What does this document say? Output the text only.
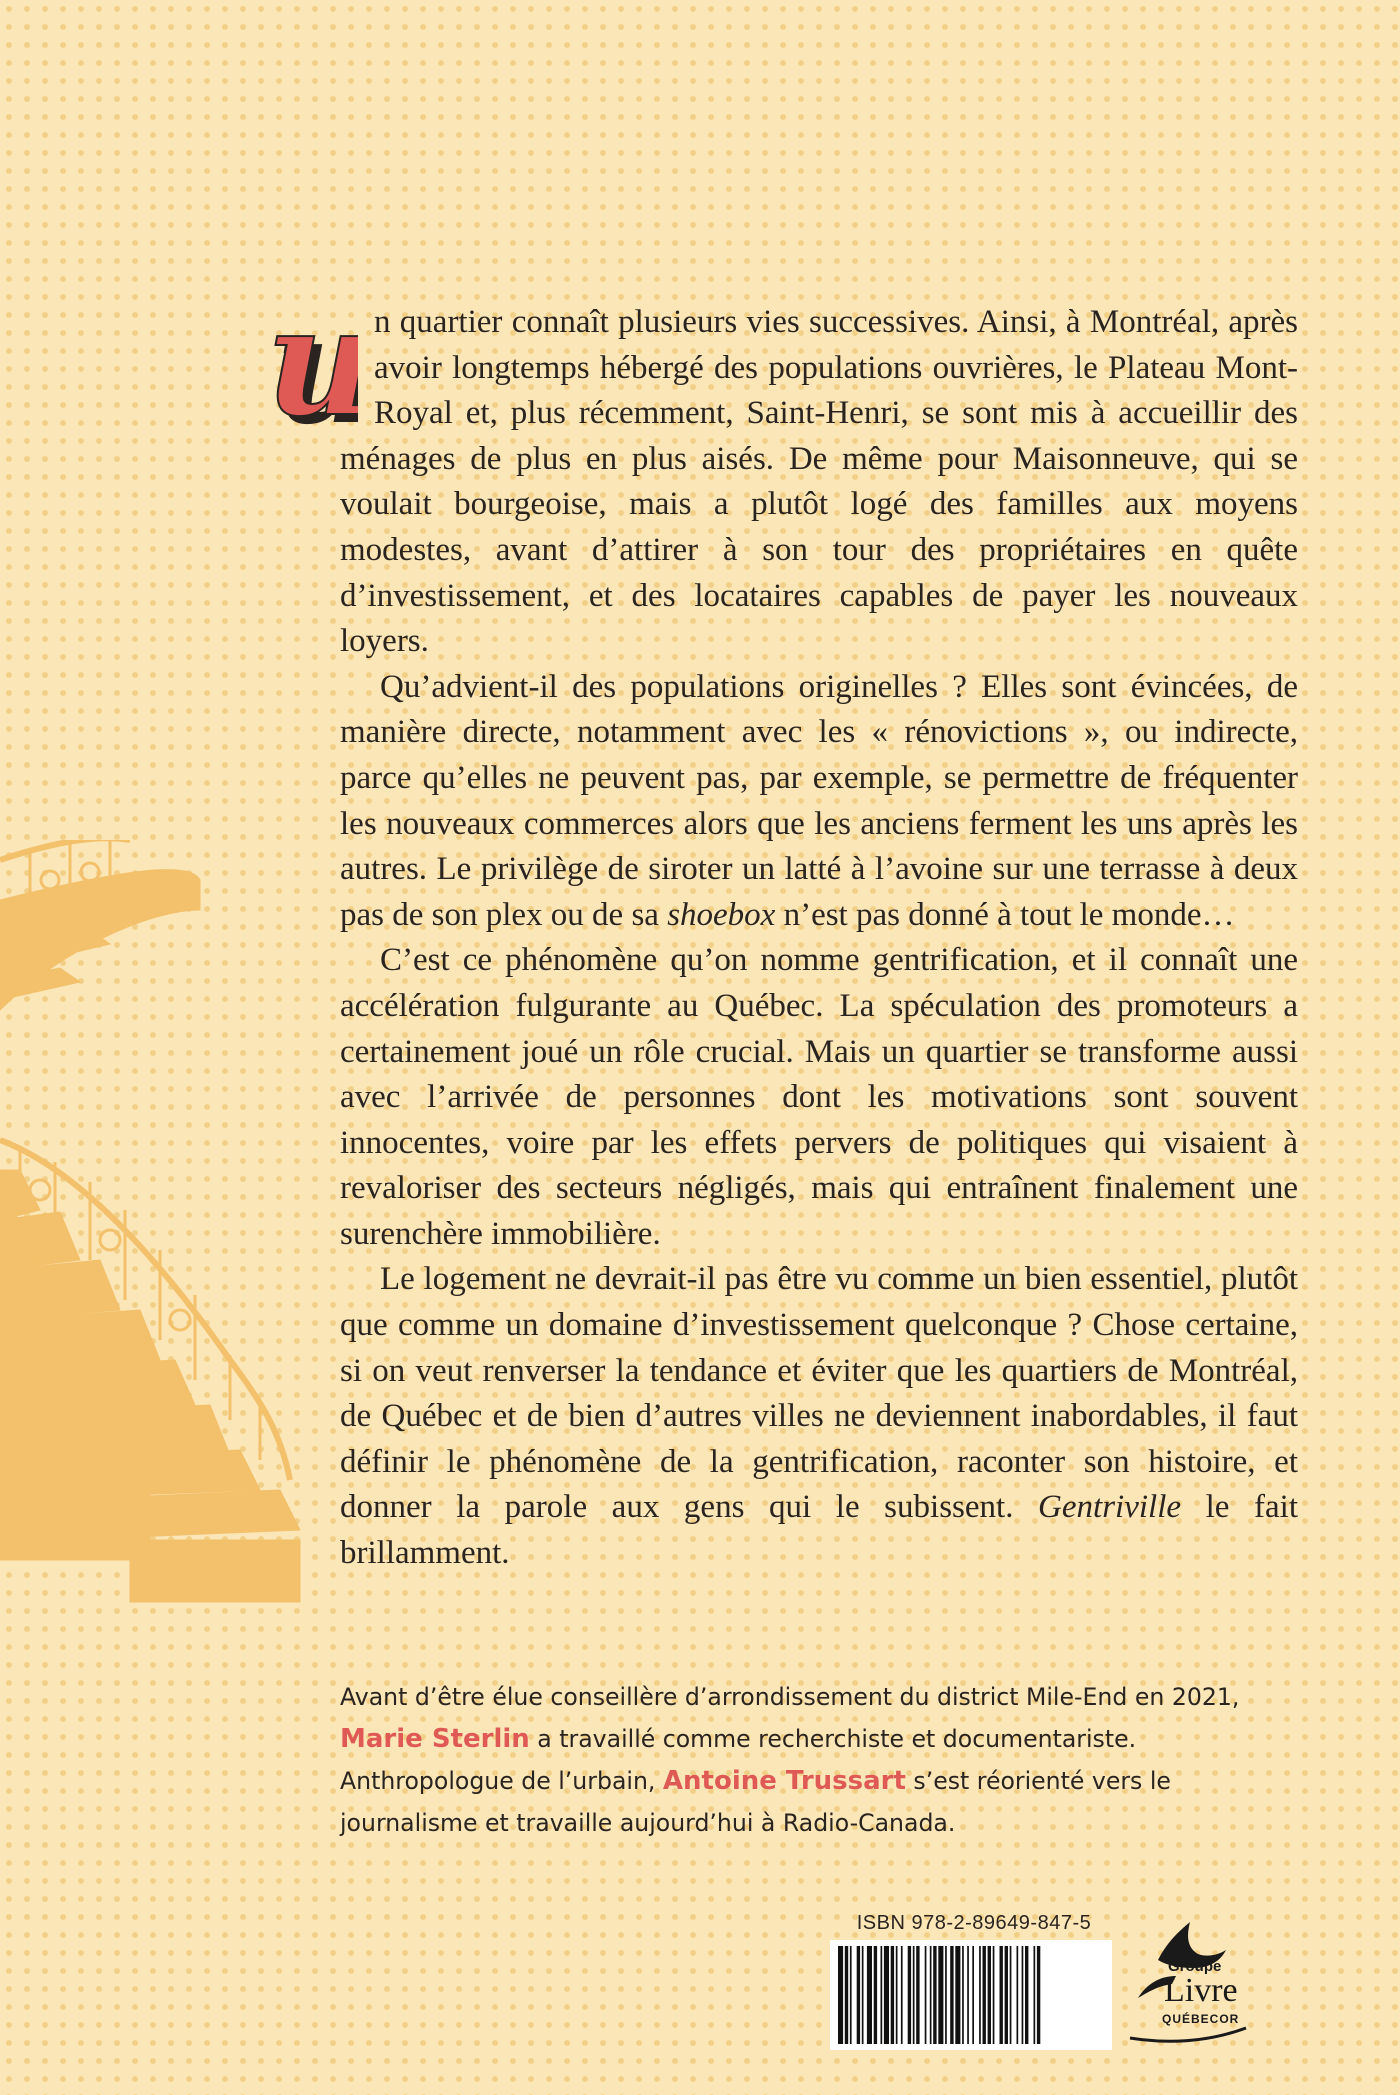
n quartier connaît plusieurs vies successives. Ainsi, à Montréal, après avoir longtemps hébergé des populations ouvrières, le Plateau Mont-Royal et, plus récemment, Saint-Henri, se sont mis à accueillir des ménages de plus en plus aisés. De même pour Maisonneuve, qui se voulait bourgeoise, mais a plutôt logé des familles aux moyens modestes, avant d’attirer à son tour des propriétaires en quête d’investissement, et des locataires capables de payer les nouveaux loyers.

Qu’advient-il des populations originelles ? Elles sont évincées, de manière directe, notamment avec les « rénovictions », ou indirecte, parce qu’elles ne peuvent pas, par exemple, se permettre de fréquenter les nouveaux commerces alors que les anciens ferment les uns après les autres. Le privilège de siroter un latté à l’avoine sur une terrasse à deux pas de son plex ou de sa shoebox n’est pas donné à tout le monde…

C’est ce phénomène qu’on nomme gentrification, et il connaît une accélération fulgurante au Québec. La spéculation des promoteurs a certainement joué un rôle crucial. Mais un quartier se transforme aussi avec l’arrivée de personnes dont les motivations sont souvent innocentes, voire par les effets pervers de politiques qui visaient à revaloriser des secteurs négligés, mais qui entraînent finalement une surenchère immobilière.

Le logement ne devrait-il pas être vu comme un bien essentiel, plutôt que comme un domaine d’investissement quelconque ? Chose certaine, si on veut renverser la tendance et éviter que les quartiers de Montréal, de Québec et de bien d’autres villes ne deviennent inabordables, il faut définir le phénomène de la gentrification, raconter son histoire, et donner la parole aux gens qui le subissent. Gentriville le fait brillamment.

Avant d’être élue conseillère d’arrondissement du district Mile-End en 2021, Marie Sterlin a travaillé comme recherchiste et documentariste. Anthropologue de l’urbain, Antoine Trussart s’est réorienté vers le journalisme et travaille aujourd’hui à Radio-Canada.

ISBN 978-2-89649-847-5
Groupe
Livre
QUÉBECOR
